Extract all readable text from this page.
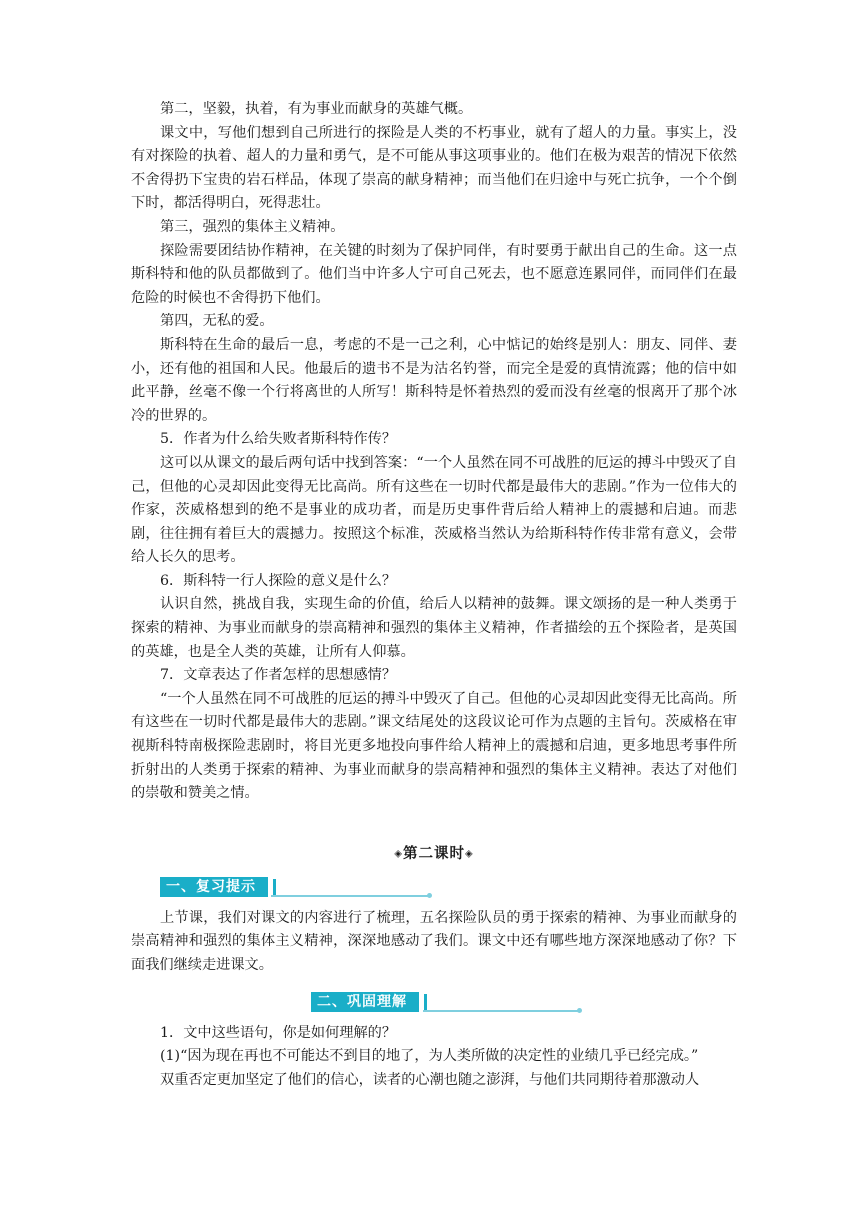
第二，坚毅，执着，有为事业而献身的英雄气概。

课文中，写他们想到自己所进行的探险是人类的不朽事业，就有了超人的力量。事实上，没有对探险的执着、超人的力量和勇气，是不可能从事这项事业的。他们在极为艰苦的情况下依然不舍得扔下宝贵的岩石样品，体现了崇高的献身精神；而当他们在归途中与死亡抗争，一个个倒下时，都活得明白，死得悲壮。

第三，强烈的集体主义精神。

探险需要团结协作精神，在关键的时刻为了保护同伴，有时要勇于献出自己的生命。这一点斯科特和他的队员都做到了。他们当中许多人宁可自己死去，也不愿意连累同伴，而同伴们在最危险的时候也不舍得扔下他们。

第四，无私的爱。

斯科特在生命的最后一息，考虑的不是一己之利，心中惦记的始终是别人：朋友、同伴、妻小，还有他的祖国和人民。他最后的遗书不是为沽名钓誉，而完全是爱的真情流露；他的信中如此平静，丝毫不像一个行将离世的人所写！斯科特是怀着热烈的爱而没有丝毫的恨离开了那个冰冷的世界的。

5．作者为什么给失败者斯科特作传？

这可以从课文的最后两句话中找到答案：“一个人虽然在同不可战胜的厄运的搏斗中毁灭了自己，但他的心灵却因此变得无比高尚。所有这些在一切时代都是最伟大的悲剧。”作为一位伟大的作家，茨威格想到的绝不是事业的成功者，而是历史事件背后给人精神上的震撼和启迪。而悲剧，往往拥有着巨大的震撼力。按照这个标准，茨威格当然认为给斯科特作传非常有意义，会带给人长久的思考。

6．斯科特一行人探险的意义是什么？

认识自然，挑战自我，实现生命的价值，给后人以精神的鼓舞。课文颂扬的是一种人类勇于探索的精神、为事业而献身的崇高精神和强烈的集体主义精神，作者描绘的五个探险者，是英国的英雄，也是全人类的英雄，让所有人仰慕。

7．文章表达了作者怎样的思想感情？

“一个人虽然在同不可战胜的厄运的搏斗中毁灭了自己。但他的心灵却因此变得无比高尚。所有这些在一切时代都是最伟大的悲剧。”课文结尾处的这段议论可作为点题的主旨句。茨威格在审视斯科特南极探险悲剧时，将目光更多地投向事件给人精神上的震撼和启迪，更多地思考事件所折射出的人类勇于探索的精神、为事业而献身的崇高精神和强烈的集体主义精神。表达了对他们的崇敬和赞美之情。

◈第二课时◈
一、复习提示

上节课，我们对课文的内容进行了梳理，五名探险队员的勇于探索的精神、为事业而献身的崇高精神和强烈的集体主义精神，深深地感动了我们。课文中还有哪些地方深深地感动了你？下面我们继续走进课文。

二、巩固理解

1．文中这些语句，你是如何理解的？

(1)“因为现在再也不可能达不到目的地了，为人类所做的决定性的业绩几乎已经完成。”

双重否定更加坚定了他们的信心，读者的心潮也随之澎湃，与他们共同期待着那激动人
